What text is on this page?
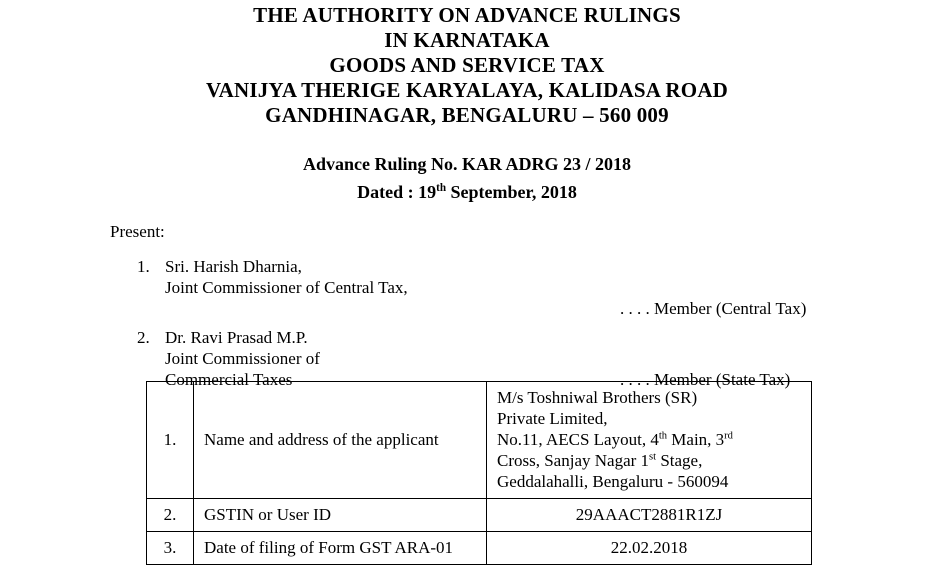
THE AUTHORITY ON ADVANCE RULINGS
IN KARNATAKA
GOODS AND SERVICE TAX
VANIJYA THERIGE KARYALAYA, KALIDASA ROAD
GANDHINAGAR, BENGALURU – 560 009
Advance Ruling No. KAR ADRG 23 / 2018
Dated : 19th September, 2018
Present:
1. Sri. Harish Dharnia,
Joint Commissioner of Central Tax,
. . . . Member (Central Tax)
2. Dr. Ravi Prasad M.P.
Joint Commissioner of
Commercial Taxes	. . . . Member (State Tax)
1.	Name and address of the applicant	M/s Toshniwal Brothers (SR)
Private Limited,
No.11, AECS Layout, 4th Main, 3rd
Cross, Sanjay Nagar 1st Stage,
Geddalahalli, Bengaluru - 560094

2.	GSTIN or User ID	29AAACT2881R1ZJ
3.	Date of filing of Form GST ARA-01	22.02.2018
